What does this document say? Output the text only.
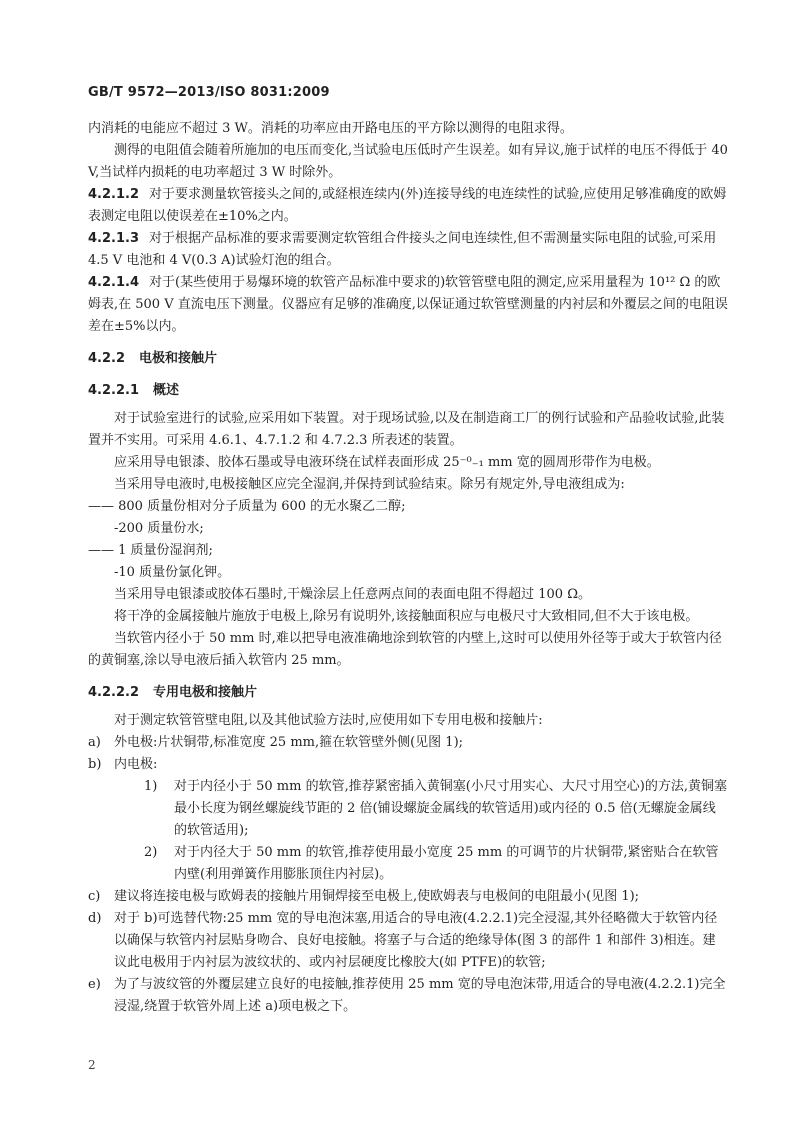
GB/T 9572—2013/ISO 8031:2009

内消耗的电能应不超过 3 W。消耗的功率应由开路电压的平方除以测得的电阻求得。

测得的电阻值会随着所施加的电压而变化,当试验电压低时产生误差。如有异议,施于试样的电压不得低于 40 V,当试样内损耗的电功率超过 3 W 时除外。

4.2.1.2 对于要求测量软管接头之间的,或経根连续内(外)连接导线的电连续性的试验,应使用足够准确度的欧姆表测定电阻以使误差在±10%之内。

4.2.1.3 对于根据产品标准的要求需要测定软管组合件接头之间电连续性,但不需测量实际电阻的试验,可采用 4.5 V 电池和 4 V(0.3 A)试验灯泡的组合。

4.2.1.4 对于(某些使用于易爆环境的软管产品标准中要求的)软管管壁电阻的测定,应采用量程为 10¹² Ω 的欧姆表,在 500 V 直流电压下测量。仪器应有足够的准确度,以保证通过软管壁测量的内衬层和外覆层之间的电阻误差在±5%以内。

4.2.2 电极和接触片
4.2.2.1 概述

对于试验室进行的试验,应采用如下装置。对于现场试验,以及在制造商工厂的例行试验和产品验收试验,此装置并不实用。可采用 4.6.1、4.7.1.2 和 4.7.2.3 所表述的装置。

应采用导电银漆、胶体石墨或导电液环绕在试样表面形成 25⁻⁰₋₁ mm 宽的圆周形带作为电极。

当采用导电液时,电极接触区应完全湿润,并保持到试验结束。除另有规定外,导电液组成为:

—— 800 质量份相对分子质量为 600 的无水聚乙二醇;

-200 质量份水;

—— 1 质量份湿润剂;

-10 质量份氯化钾。

当采用导电银漆或胶体石墨时,干燥涂层上任意两点间的表面电阻不得超过 100 Ω。

将干净的金属接触片施放于电极上,除另有说明外,该接触面积应与电极尺寸大致相同,但不大于该电极。

当软管内径小于 50 mm 时,难以把导电液准确地涂到软管的内壁上,这时可以使用外径等于或大于软管内径的黄铜塞,涂以导电液后插入软管内 25 mm。

4.2.2.2 专用电极和接触片

对于测定软管管壁电阻,以及其他试验方法时,应使用如下专用电极和接触片:

a)	外电极:片状铜带,标准宽度 25 mm,箍在软管壁外侧(见图 1);
b) 内电极:
1)	对于内径小于 50 mm 的软管,推荐紧密插入黄铜塞(小尺寸用实心、大尺寸用空心)的方法,黄铜塞最小长度为钢丝螺旋线节距的 2 倍(铺设螺旋金属线的软管适用)或内径的 0.5 倍(无螺旋金属线的软管适用);
2)	对于内径大于 50 mm 的软管,推荐使用最小宽度 25 mm 的可调节的片状铜带,紧密贴合在软管内壁(利用弹簧作用膨胀顶住内衬层)。
c)	建议将连接电极与欧姆表的接触片用铜焊接至电极上,使欧姆表与电极间的电阻最小(见图 1);
d) 对于 b)可选替代物:25 mm 宽的导电泡沫塞,用适合的导电液(4.2.2.1)完全浸湿,其外径略微大于软管内径以确保与软管内衬层贴身吻合、良好电接触。将塞子与合适的绝缘导体(图 3 的部件 1 和部件 3)相连。建议此电极用于内衬层为波纹状的、或内衬层硬度比橡胶大(如 PTFE)的软管;
e)	为了与波纹管的外覆层建立良好的电接触,推荐使用 25 mm 宽的导电泡沫带,用适合的导电液(4.2.2.1)完全浸湿,绕置于软管外周上述 a)项电极之下。
2
